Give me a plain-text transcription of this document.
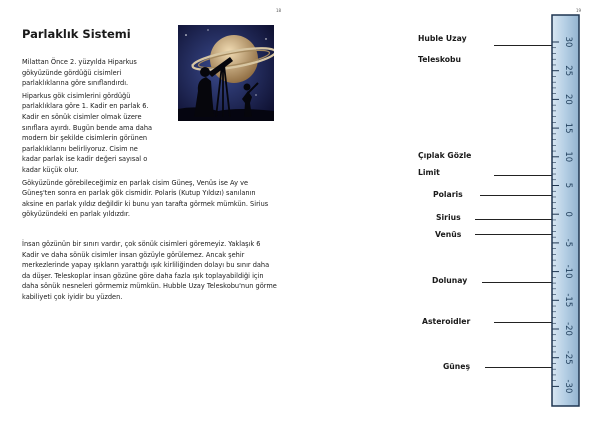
18
Parlaklık Sistemi
Milattan Önce 2. yüzyılda Hiparkus gökyüzünde gördüğü cisimleri parlaklıklarına göre sınıflandırdı.
Hiparkus gök cisimlerini gördüğü parlaklıklara göre 1. Kadir en parlak 6. Kadir en sönük cisimler olmak üzere sınıflara ayırdı. Bugün bende ama daha modern bir şekilde cisimlerin görünen parlaklıklarını belirliyoruz. Cisim ne kadar parlak ise kadir değeri sayısal o kadar küçük olur.
Gökyüzünde görebileceğimiz en parlak cisim Güneş, Venüs ise Ay ve Güneş'ten sonra en parlak gök cismidir. Polaris (Kutup Yıldızı) sanılanın aksine en parlak yıldız değildir ki bunu yan tarafta görmek mümkün. Sirius gökyüzündeki en parlak yıldızdır.
İnsan gözünün bir sınırı vardır, çok sönük cisimleri göremeyiz. Yaklaşık 6 Kadir ve daha sönük cisimler insan gözüyle görülemez. Ancak şehir merkezlerinde yapay ışıkların yarattığı ışık kirliliğinden dolayı bu sınır daha da düşer. Teleskoplar insan gözüne göre daha fazla ışık toplayabildiği için daha sönük nesneleri görmemiz mümkün. Hubble Uzay Teleskobu'nun görme kabiliyeti çok iyidir bu yüzden.
19
Huble Uzay
Teleskobu
Çıplak Gözle
Limit
Polaris
Sirius
Venüs
Dolunay
Asteroidler
Güneş
30
25
20
15
10
5
0
-5
-10
-15
-20
-25
-30
